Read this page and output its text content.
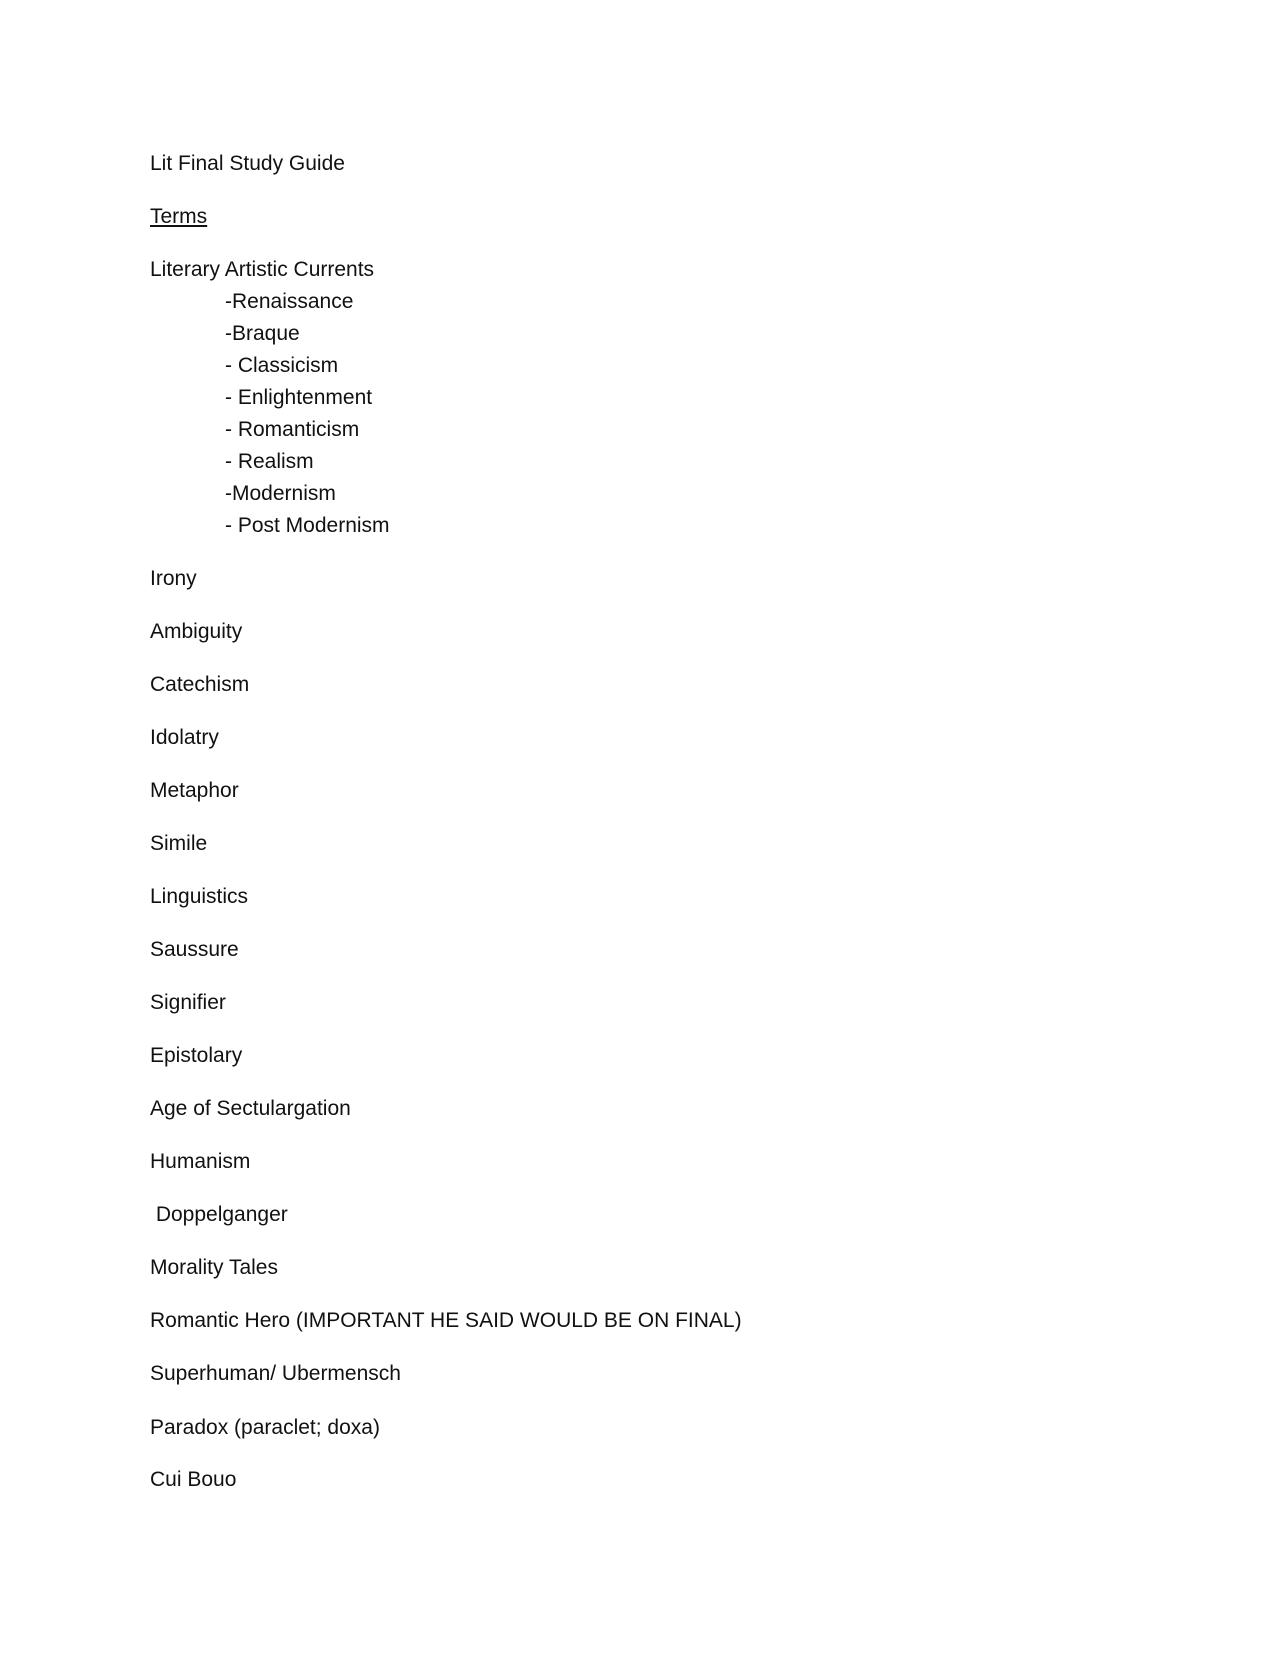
Lit Final Study Guide
Terms
Literary Artistic Currents
-Renaissance
-Braque
- Classicism
- Enlightenment
- Romanticism
- Realism
-Modernism
- Post Modernism
Irony
Ambiguity
Catechism
Idolatry
Metaphor
Simile
Linguistics
Saussure
Signifier
Epistolary
Age of Sectulargation
Humanism
Doppelganger
Morality Tales
Romantic Hero (IMPORTANT HE SAID WOULD BE ON FINAL)
Superhuman/ Ubermensch
Paradox (paraclet; doxa)
Cui Bouo
